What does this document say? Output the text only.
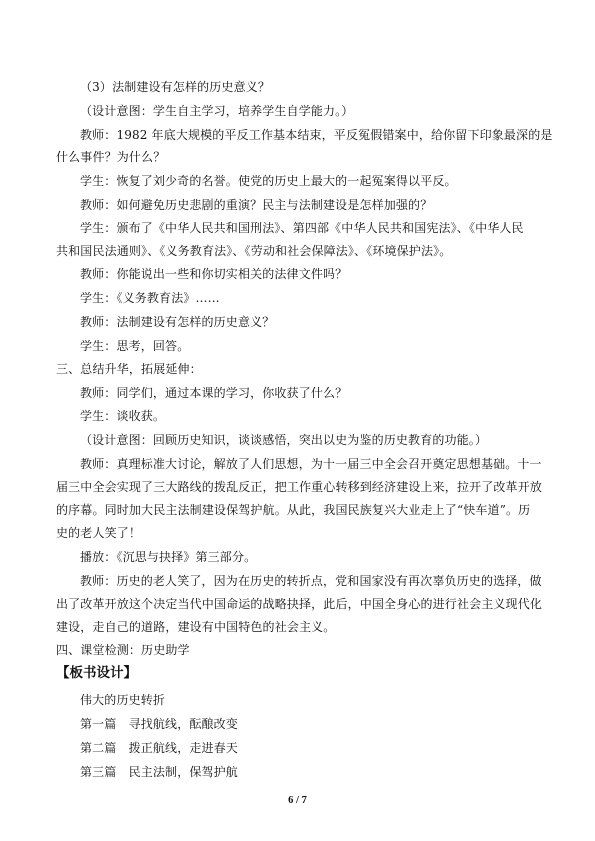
（3）法制建设有怎样的历史意义？
（设计意图：学生自主学习，培养学生自学能力。）
教师：1982 年底大规模的平反工作基本结束，平反冤假错案中，给你留下印象最深的是
什么事件？为什么？
学生：恢复了刘少奇的名誉。使党的历史上最大的一起冤案得以平反。
教师：如何避免历史悲剧的重演？民主与法制建设是怎样加强的？
学生：颁布了《中华人民共和国刑法》、第四部《中华人民共和国宪法》、《中华人民
共和国民法通则》、《义务教育法》、《劳动和社会保障法》、《环境保护法》。
教师：你能说出一些和你切实相关的法律文件吗？
学生：《义务教育法》……
教师：法制建设有怎样的历史意义？
学生：思考，回答。
三、总结升华，拓展延伸：
教师：同学们，通过本课的学习，你收获了什么？
学生：谈收获。
（设计意图：回顾历史知识，谈谈感悟，突出以史为鉴的历史教育的功能。）
教师：真理标准大讨论，解放了人们思想，为十一届三中全会召开奠定思想基础。十一
届三中全会实现了三大路线的拨乱反正，把工作重心转移到经济建设上来，拉开了改革开放
的序幕。同时加大民主法制建设保驾护航。从此，我国民族复兴大业走上了“快车道”。历
史的老人笑了！
播放：《沉思与抉择》第三部分。
教师：历史的老人笑了，因为在历史的转折点，党和国家没有再次辜负历史的选择，做
出了改革开放这个决定当代中国命运的战略抉择，此后，中国全身心的进行社会主义现代化
建设，走自己的道路，建设有中国特色的社会主义。
四、课堂检测：历史助学
【板书设计】
伟大的历史转折
第一篇　寻找航线，酝酿改变
第二篇　拨正航线，走进春天
第三篇　民主法制，保驾护航
6 / 7
